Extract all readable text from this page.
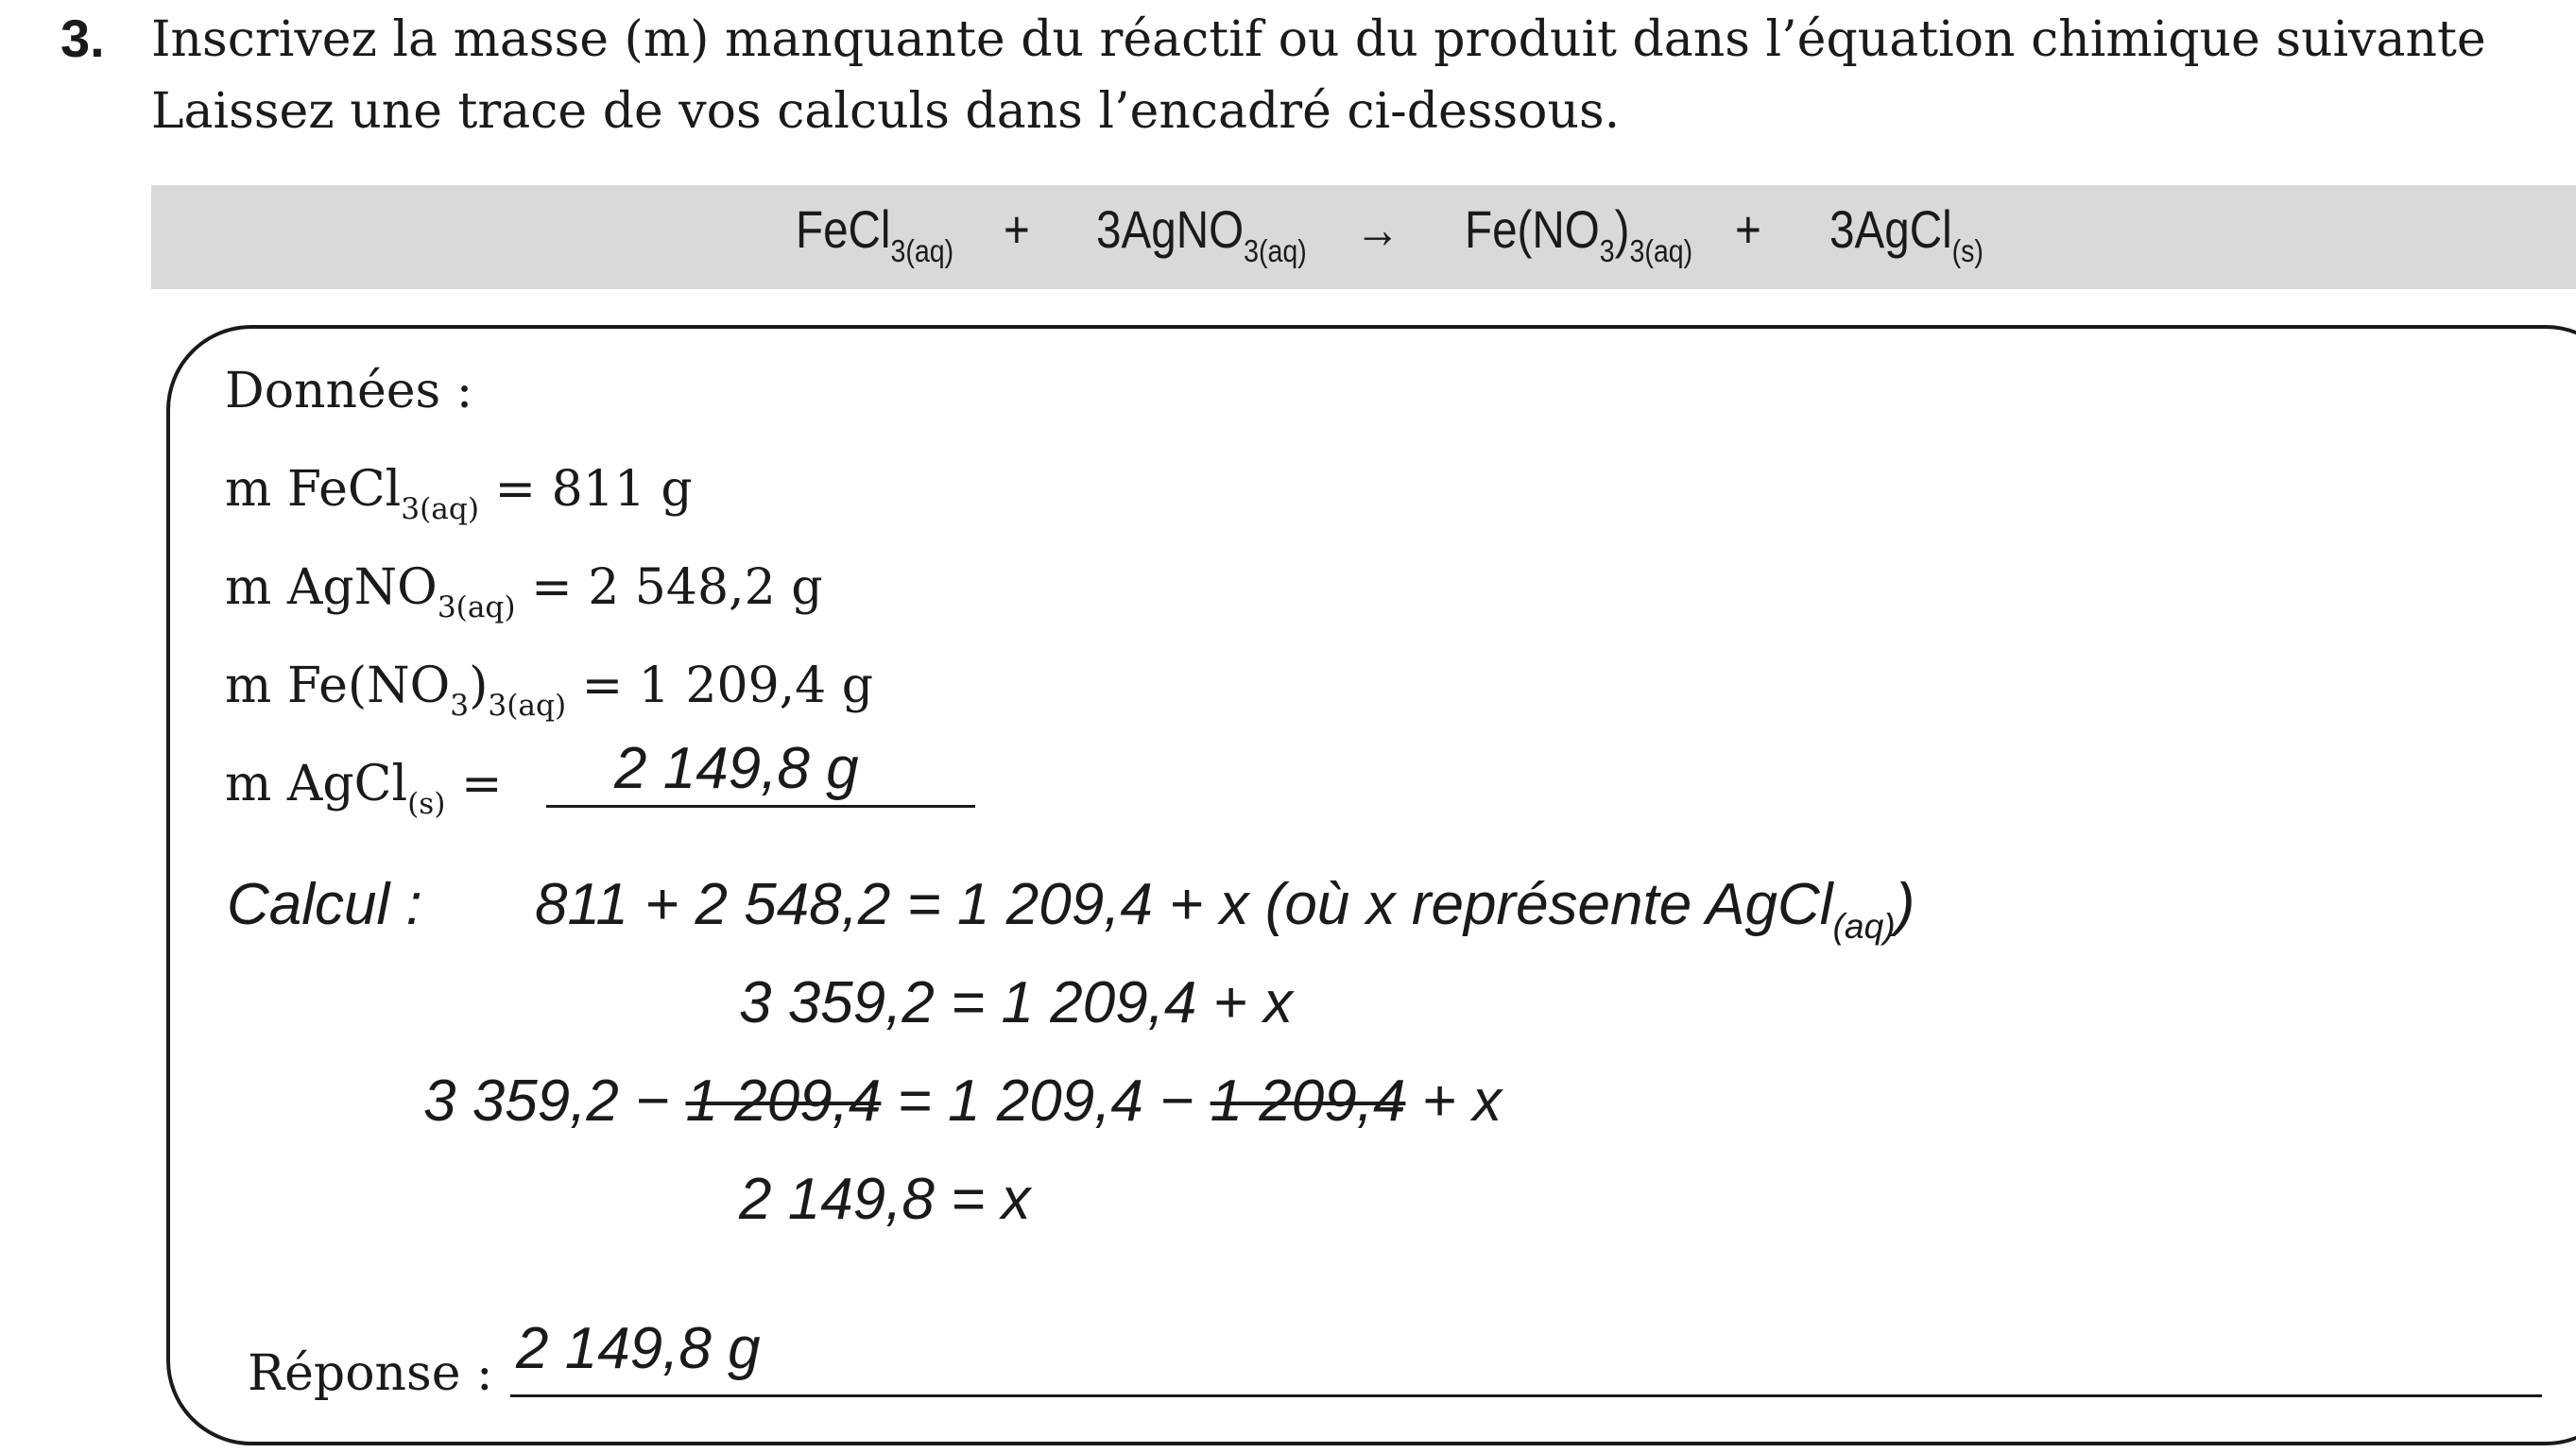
3. Inscrivez la masse (m) manquante du réactif ou du produit dans l’équation chimique suivante
Laissez une trace de vos calculs dans l’encadré ci-dessous.
FeCl$_{3(aq)}$ + 3AgNO$_{3(aq)}$ → $Fe(NO_3)_{3(aq)}$ + 3AgCl$_{(s)}$
Données :
m FeCl$_{3(aq)}$ = 811 g
m AgNO$_{3(aq)}$ = 2 548,2 g
m $Fe(NO_3)_{3(aq)} = 1$ 209,4 g
m AgCl$_{(s)}$ = 2 149,8 g
Calcul : 811 + 2 548,2 = 1 209,4 + x (où x représente AgCl$_{(aq)}$)
3 359,2 = 1 209,4 + x
3 359,2 − 1 209,4 = 1 209,4 − 1 209,4 + x
2 149,8 = x
Réponse : 2 149,8 g
